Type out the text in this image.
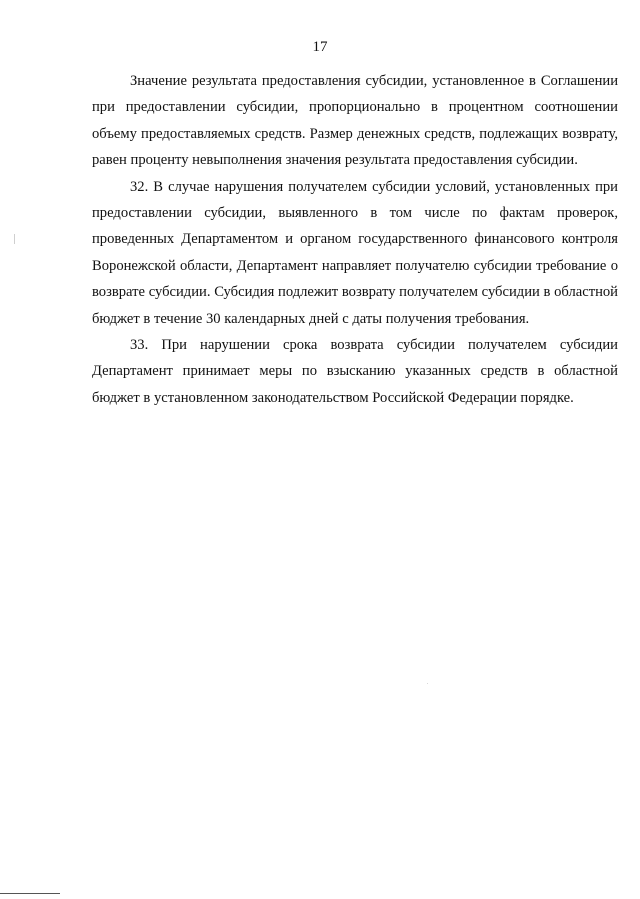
17

Значение результата предоставления субсидии, установленное в Соглашении при предоставлении субсидии, пропорционально в процентном соотношении объему предоставляемых средств. Размер денежных средств, подлежащих возврату, равен проценту невыполнения значения результата предоставления субсидии.

32. В случае нарушения получателем субсидии условий, установленных при предоставлении субсидии, выявленного в том числе по фактам проверок, проведенных Департаментом и органом государственного финансового контроля Воронежской области, Департамент направляет получателю субсидии требование о возврате субсидии. Субсидия подлежит возврату получателем субсидии в областной бюджет в течение 30 календарных дней с даты получения требования.

33. При нарушении срока возврата субсидии получателем субсидии Департамент принимает меры по взысканию указанных средств в областной бюджет в установленном законодательством Российской Федерации порядке.
